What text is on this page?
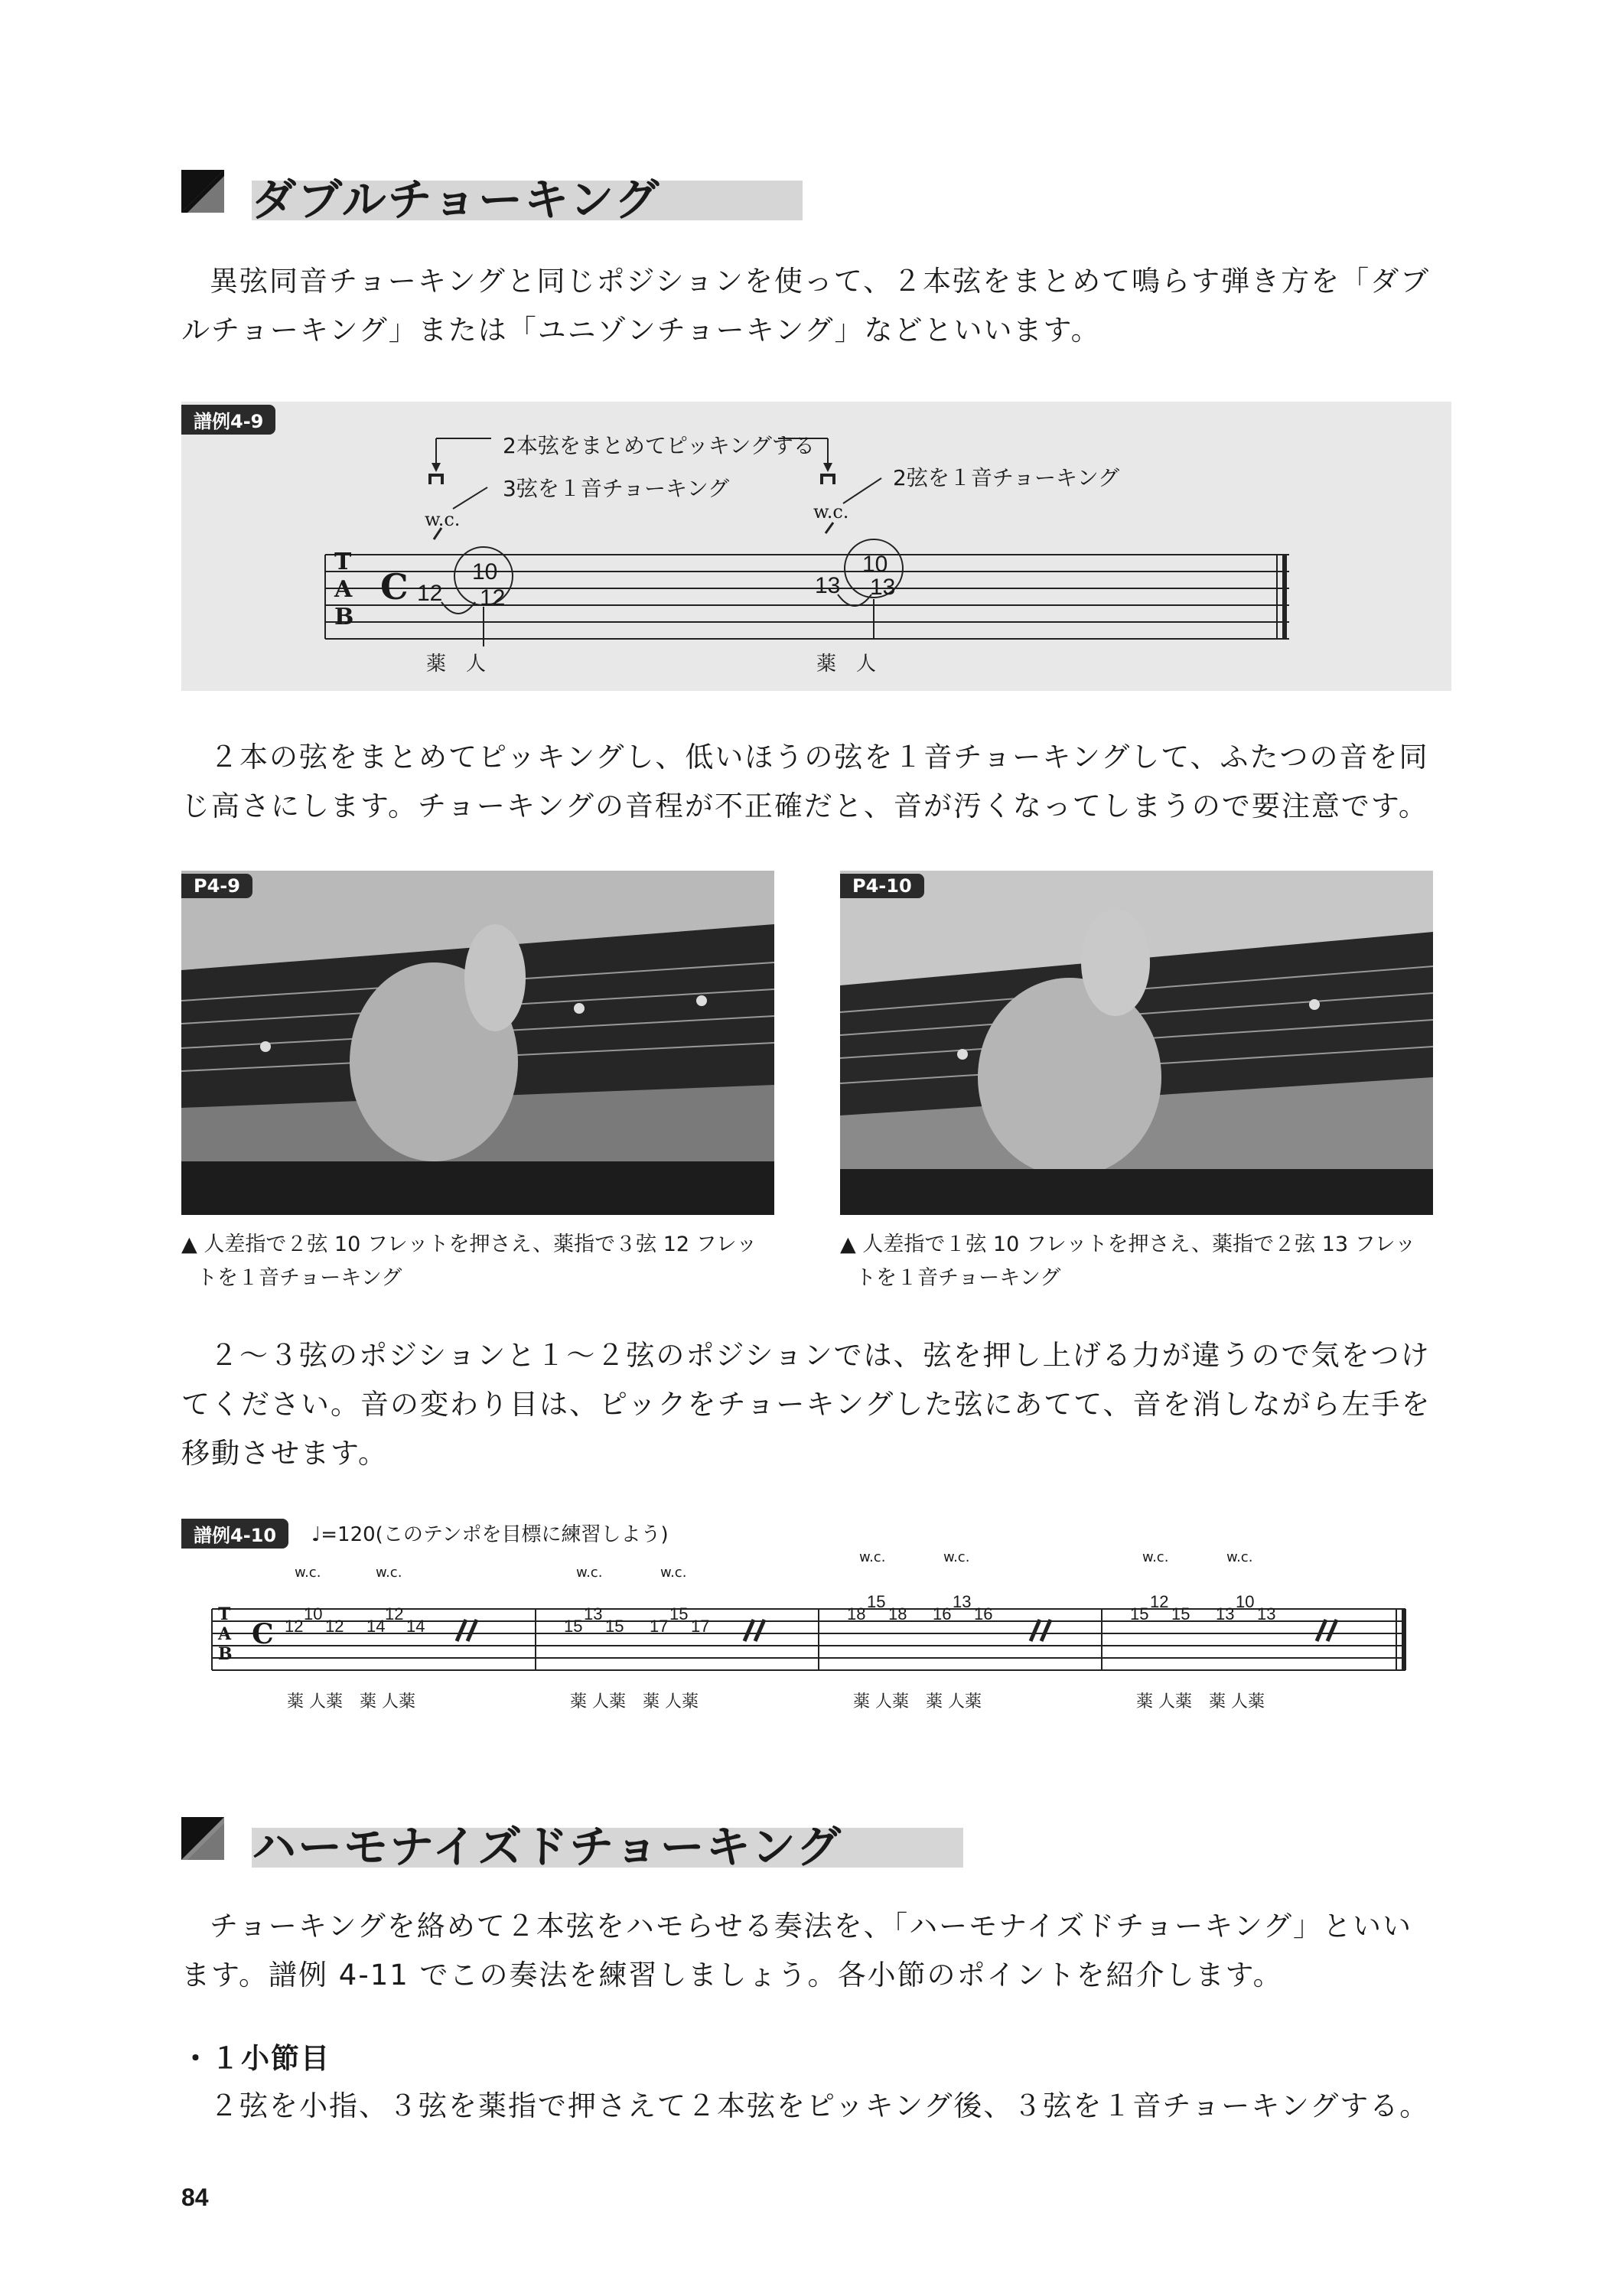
ダブルチョーキング

異弦同音チョーキングと同じポジションを使って、２本弦をまとめて鳴らす弾き方を「ダブ

ルチョーキング」または「ユニゾンチョーキング」などといいます。
譜例4-9
2本弦をまとめてピッキングする
3弦を１音チョーキング	2弦を１音チョーキング
w.c.	w.c.
T
A
B
C 12
10
12	13
10
13
薬　人	薬　人

２本の弦をまとめてピッキングし、低いほうの弦を１音チョーキングして、ふたつの音を同

じ高さにします。チョーキングの音程が不正確だと、音が汚くなってしまうので要注意です。
P4-9	P4-10
▲ 人差指で２弦 10 フレットを押さえ、薬指で３弦 12 フレッ
トを１音チョーキング
▲ 人差指で１弦 10 フレットを押さえ、薬指で２弦 13 フレッ
トを１音チョーキング

２～３弦のポジションと１～２弦のポジションでは、弦を押し上げる力が違うので気をつけ

てください。音の変わり目は、ピックをチョーキングした弦にあてて、音を消しながら左手を
移動させます。
譜例4-10	♩=120(このテンポを目標に練習しよう)
T
A
B
C
w.c.	w.c.
12
10
12 14
12
14
薬 人薬　薬 人薬
w.c.	w.c.
15
13
15 17
15
17
薬 人薬　薬 人薬
w.c.	w.c.
18
15
18 16
13
16
薬 人薬　薬 人薬
w.c.	w.c.
15
12
15 13
10
13
薬 人薬　薬 人薬
ハーモナイズドチョーキング

チョーキングを絡めて２本弦をハモらせる奏法を、「ハーモナイズドチョーキング」といい

ます。譜例 4-11 でこの奏法を練習しましょう。各小節のポイントを紹介します。
・１小節目
２弦を小指、３弦を薬指で押さえて２本弦をピッキング後、３弦を１音チョーキングする。
84
